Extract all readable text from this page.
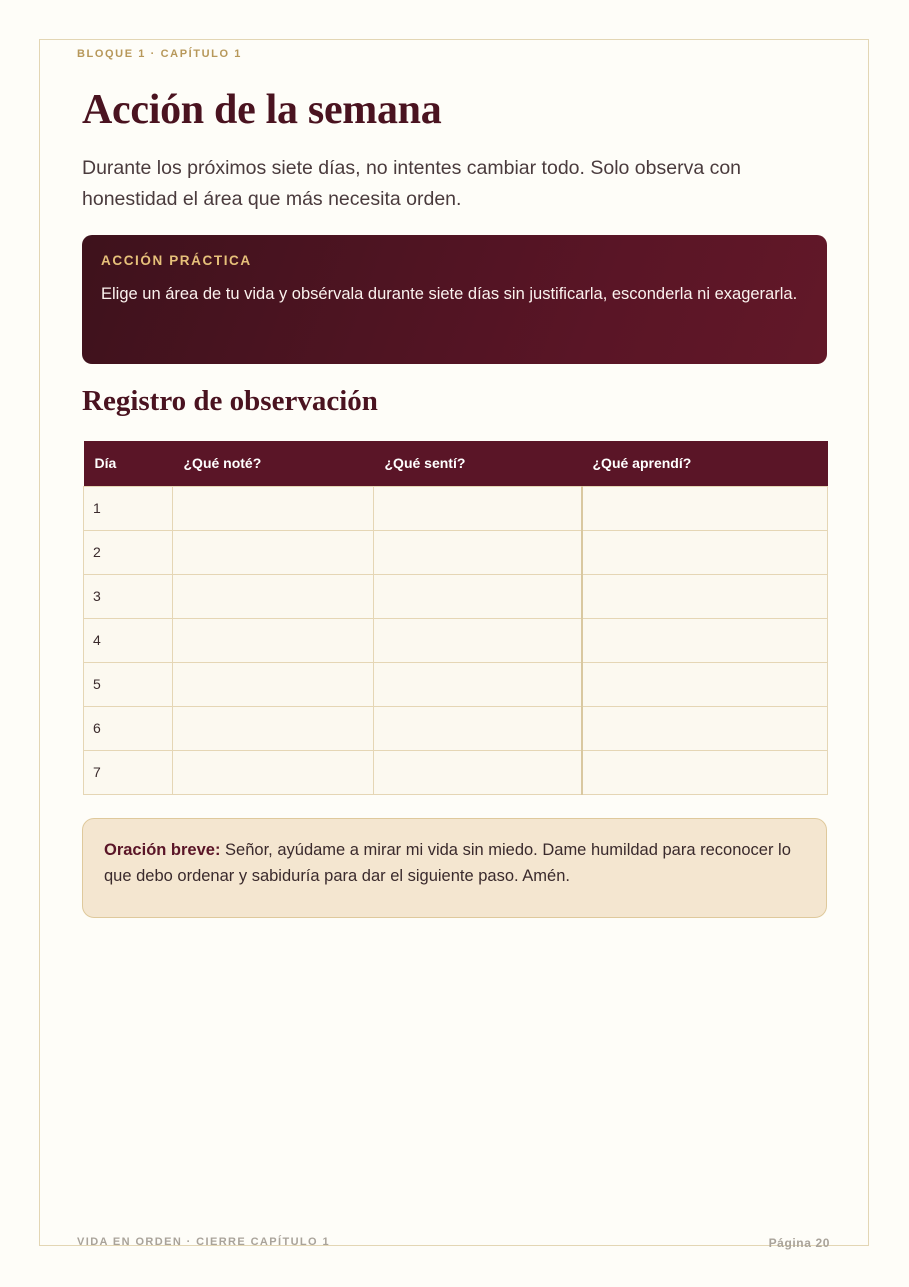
BLOQUE 1 · CAPÍTULO 1
Acción de la semana

Durante los próximos siete días, no intentes cambiar todo. Solo observa con honestidad el área que más necesita orden.

ACCIÓN PRÁCTICA
Elige un área de tu vida y obsérvala durante siete días sin justificarla, esconderla ni exagerarla.
Registro de observación
Día	¿Qué noté?	¿Qué sentí?	¿Qué aprendí?
1			
2			
3			
4			
5			
6			
7			
Oración breve: Señor, ayúdame a mirar mi vida sin miedo. Dame humildad para reconocer lo que debo ordenar y sabiduría para dar el siguiente paso. Amén.
VIDA EN ORDEN · CIERRE CAPÍTULO 1	Página 20
